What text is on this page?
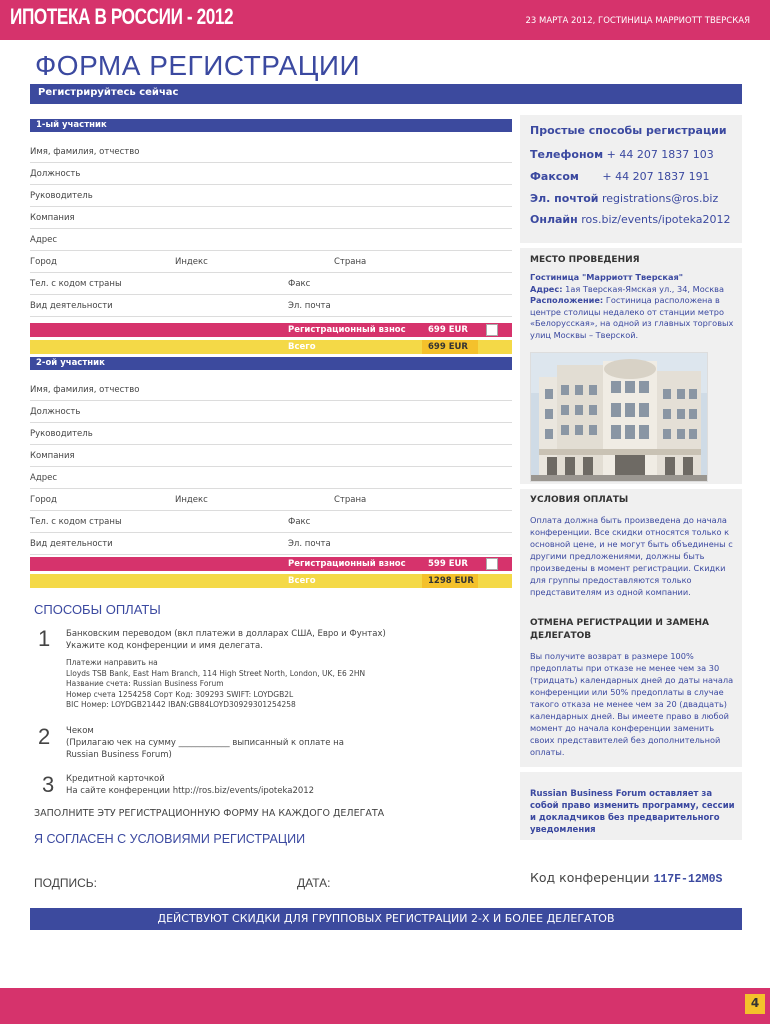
ИПОТЕКА В РОССИИ - 2012	23 МАРТА 2012, ГОСТИНИЦА МАРРИОТТ ТВЕРСКАЯ
ФОРМА РЕГИСТРАЦИИ
Регистрируйтесь сейчас
1-ый участник
Имя, фамилия, отчество
Должность
Руководитель
Компания
Адрес
Город	Индекс	Страна
Тел. с кодом страны	Факс
Вид деятельности	Эл. почта
Регистрационный взнос	699 EUR
Всего	699 EUR
2-ой участник
Имя, фамилия, отчество
Должность
Руководитель
Компания
Адрес
Город	Индекс	Страна
Тел. с кодом страны	Факс
Вид деятельности	Эл. почта
Регистрационный взнос	599 EUR
Всего	1298 EUR
СПОСОБЫ ОПЛАТЫ
1 Банковским переводом (вкл платежи в долларах США, Евро и Фунтах)
Укажите код конференции и имя делегата.
Платежи направить на
Lloyds TSB Bank, East Ham Branch, 114 High Street North, London, UK, E6 2HN
Название счета: Russian Business Forum
Номер счета 1254258 Сорт Код: 309293 SWIFT: LOYDGB2L
BIC Номер: LOYDGB21442 IBAN:GB84LOYD30929301254258
2 Чеком
(Прилагаю чек на сумму ____________ выписанный к оплате на
Russian Business Forum)
3 Кредитной карточкой
На сайте конференции http://ros.biz/events/ipoteka2012
ЗАПОЛНИТЕ ЭТУ РЕГИСТРАЦИОННУЮ ФОРМУ НА КАЖДОГО ДЕЛЕГАТА
Я СОГЛАСЕН С УСЛОВИЯМИ РЕГИСТРАЦИИ
ПОДПИСЬ:	ДАТА:	Код конференции 117F-12M0S
ДЕЙСТВУЮТ СКИДКИ ДЛЯ ГРУППОВЫХ РЕГИСТРАЦИИ 2-Х И БОЛЕЕ ДЕЛЕГАТОВ
4
Простые способы регистрации
Телефоном + 44 207 1837 103
Факсом + 44 207 1837 191
Эл. почтой registrations@ros.biz
Онлайн ros.biz/events/ipoteka2012
МЕСТО ПРОВЕДЕНИЯ
Гостиница "Марриотт Тверская"
Адрес: 1ая Тверская-Ямская ул., 34, Москва
Расположение: Гостиница расположена в центре столицы недалеко от станции метро «Белорусская», на одной из главных торговых улиц Москвы – Тверской.
УСЛОВИЯ ОПЛАТЫ
Оплата должна быть произведена до начала конференции. Все скидки относятся только к основной цене, и не могут быть объединены с другими предложениями, должны быть произведены в момент регистрации. Скидки для группы предоставляются только представителям из одной компании.
ОТМЕНА РЕГИСТРАЦИИ И ЗАМЕНА ДЕЛЕГАТОВ
Вы получите возврат в размере 100% предоплаты при отказе не менее чем за 30 (тридцать) календарных дней до даты начала конференции или 50% предоплаты в случае такого отказа не менее чем за 20 (двадцать) календарных дней. Вы имеете право в любой момент до начала конференции заменить своих представителей без дополнительной оплаты.
Russian Business Forum оставляет за собой право изменить программу, сессии и докладчиков без предварительного уведомления
